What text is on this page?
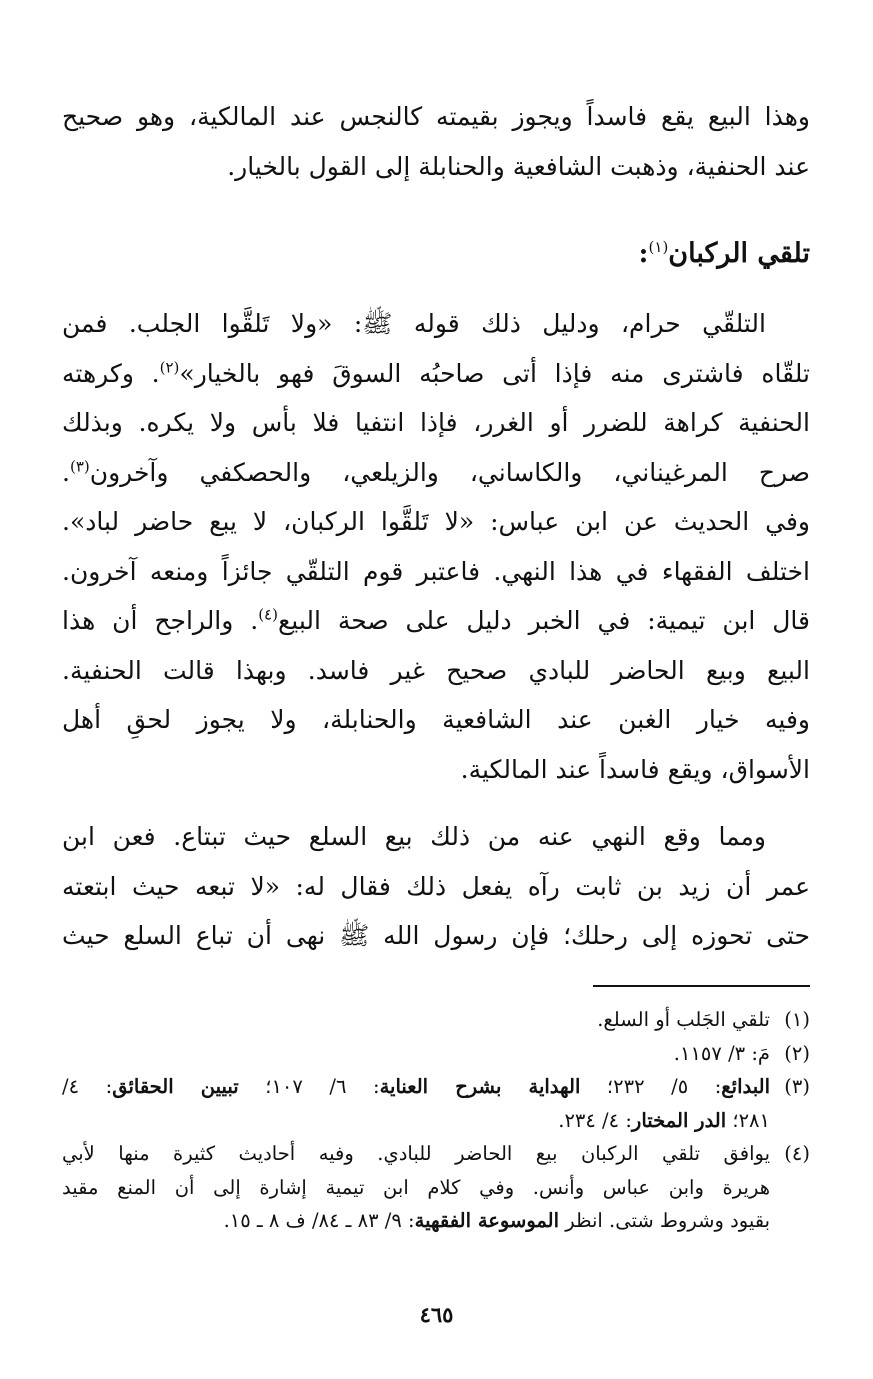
وهذا البيع يقع فاسداً ويجوز بقيمته كالنجس عند المالكية، وهو صحيح
عند الحنفية، وذهبت الشافعية والحنابلة إلى القول بالخيار.

تلقي الركبان$^{(١)}$:

التلقّي حرام، ودليل ذلك قوله ﷺ: «ولا تَلقَّوا الجلب. فمن
تلقّاه فاشترى منه فإذا أتى صاحبُه السوقَ فهو بالخيار»$^{(٢)}$. وكرهته
الحنفية كراهة للضرر أو الغرر، فإذا انتفيا فلا بأس ولا يكره. وبذلك
صرح المرغيناني، والكاساني، والزيلعي، والحصكفي وآخرون$^{(٣)}$.
وفي الحديث عن ابن عباس: «لا تَلقَّوا الركبان، لا يبع حاضر لباد».
اختلف الفقهاء في هذا النهي. فاعتبر قوم التلقّي جائزاً ومنعه آخرون.
قال ابن تيمية: في الخبر دليل على صحة البيع$^{(٤)}$. والراجح أن هذا
البيع وبيع الحاضر للبادي صحيح غير فاسد. وبهذا قالت الحنفية.
وفيه خيار الغبن عند الشافعية والحنابلة، ولا يجوز لحقِ أهل
الأسواق، ويقع فاسداً عند المالكية.

ومما وقع النهي عنه من ذلك بيع السلع حيث تبتاع. فعن ابن
عمر أن زيد بن ثابت رآه يفعل ذلك فقال له: «لا تبعه حيث ابتعته
حتى تحوزه إلى رحلك؛ فإن رسول الله ﷺ نهى أن تباع السلع حيث

(١)
تلقي الجَلب أو السلع.
(٢)
مَ: ٣/ ١١٥٧.
(٣)
البدائع: ٥/ ٢٣٢؛ الهداية بشرح العناية: ٦/ ١٠٧؛ تبيين الحقائق: ٤/
٢٨١؛ الدر المختار: ٤/ ٢٣٤.
(٤)
يوافق تلقي الركبان بيع الحاضر للبادي. وفيه أحاديث كثيرة منها لأبي
هريرة وابن عباس وأنس. وفي كلام ابن تيمية إشارة إلى أن المنع مقيد
بقيود وشروط شتى. انظر الموسوعة الفقهية: ٩/ ٨٣ ـ ٨٤/ ف ٨ ـ ١٥.
٤٦٥
